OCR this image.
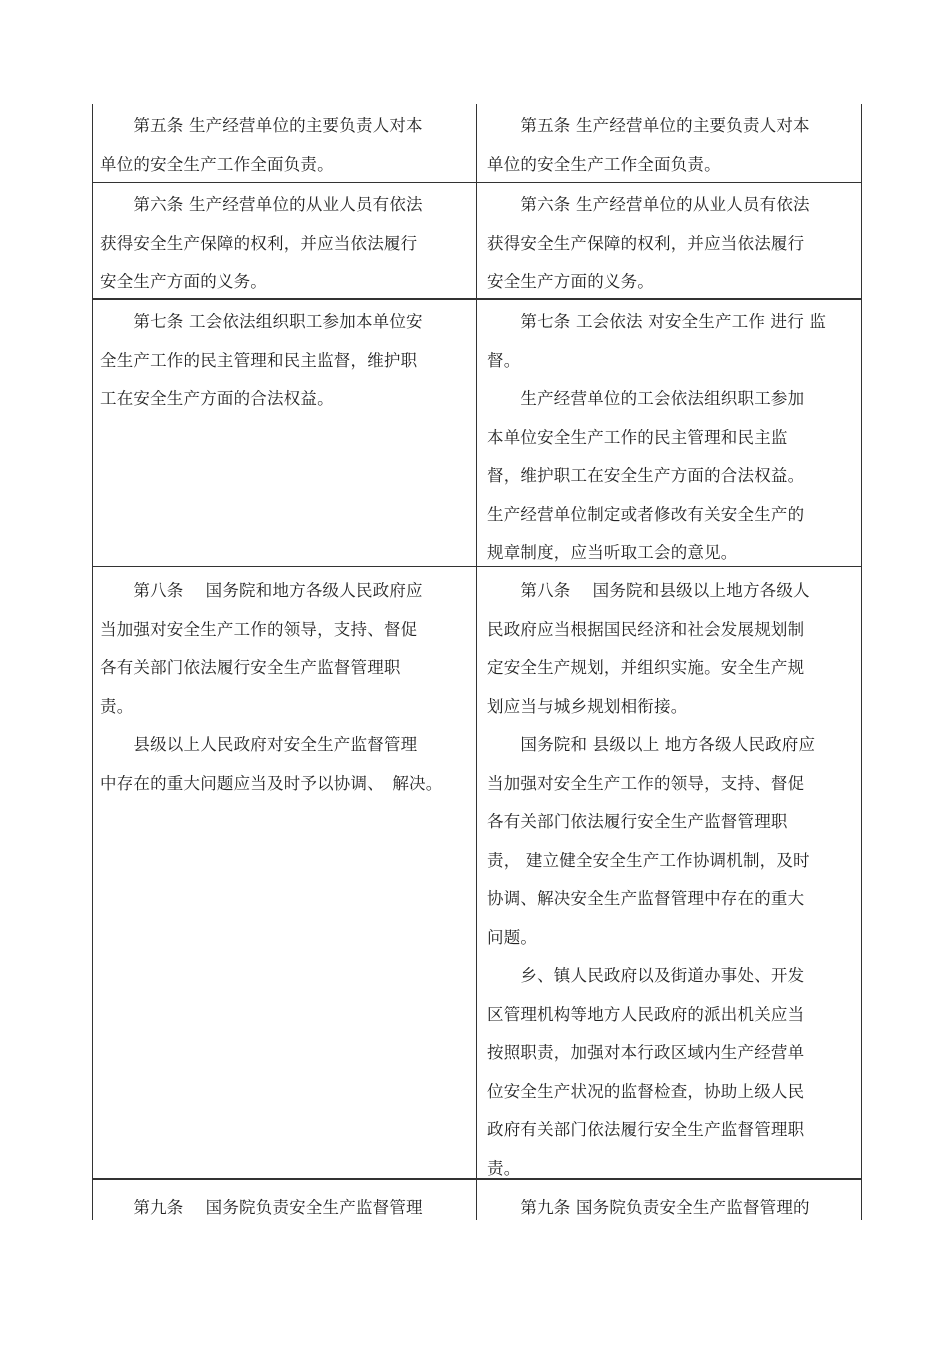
　　第五条 生产经营单位的主要负责人对本

单位的安全生产工作全面负责。

　　第五条 生产经营单位的主要负责人对本

单位的安全生产工作全面负责。

　　第六条 生产经营单位的从业人员有依法

获得安全生产保障的权利，并应当依法履行

安全生产方面的义务。

　　第六条 生产经营单位的从业人员有依法

获得安全生产保障的权利，并应当依法履行

安全生产方面的义务。

　　第七条 工会依法组织职工参加本单位安

全生产工作的民主管理和民主监督，维护职

工在安全生产方面的合法权益。

　　第七条 工会依法 对安全生产工作 进行 监

督。

　　生产经营单位的工会依法组织职工参加

本单位安全生产工作的民主管理和民主监

督，维护职工在安全生产方面的合法权益。

生产经营单位制定或者修改有关安全生产的

规章制度，应当听取工会的意见。

　　第八条　 国务院和地方各级人民政府应

当加强对安全生产工作的领导，支持、督促

各有关部门依法履行安全生产监督管理职

责。

　　县级以上人民政府对安全生产监督管理

中存在的重大问题应当及时予以协调、　解决。

　　第八条　 国务院和县级以上地方各级人

民政府应当根据国民经济和社会发展规划制

定安全生产规划，并组织实施。安全生产规

划应当与城乡规划相衔接。

　　国务院和 县级以上 地方各级人民政府应

当加强对安全生产工作的领导，支持、督促

各有关部门依法履行安全生产监督管理职

责， 建立健全安全生产工作协调机制，及时

协调、解决安全生产监督管理中存在的重大

问题。

　　乡、镇人民政府以及街道办事处、开发

区管理机构等地方人民政府的派出机关应当

按照职责，加强对本行政区域内生产经营单

位安全生产状况的监督检查，协助上级人民

政府有关部门依法履行安全生产监督管理职

责。

　　第九条　 国务院负责安全生产监督管理	　　第九条 国务院负责安全生产监督管理的
